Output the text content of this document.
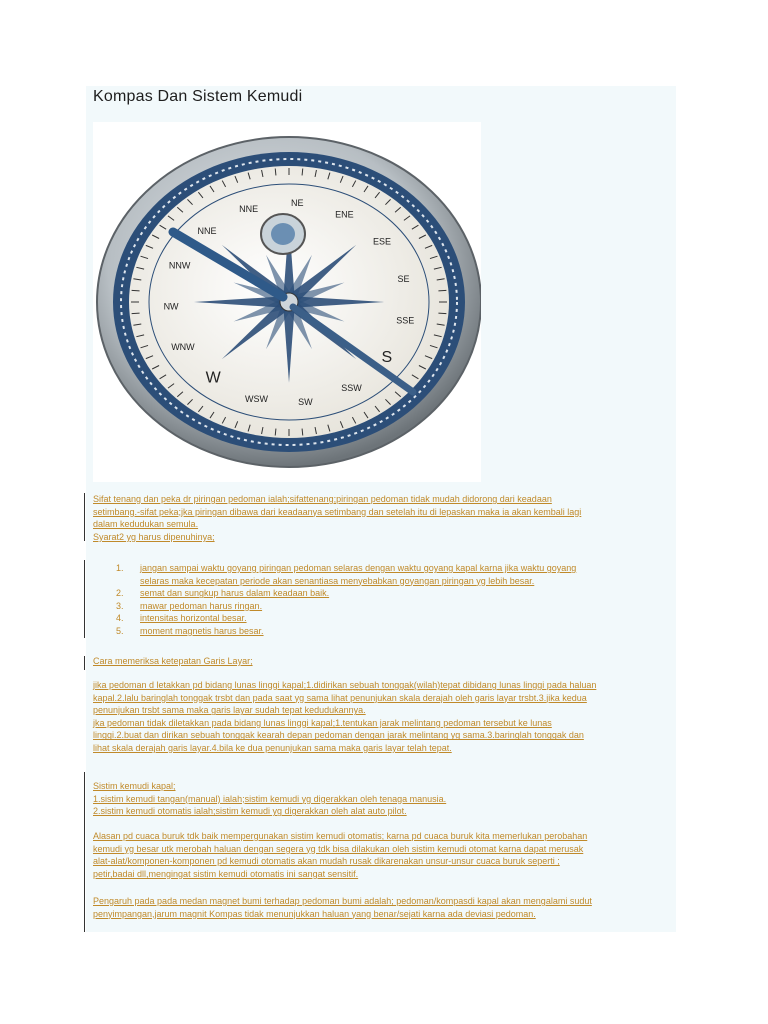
Kompas Dan Sistem Kemudi
NNE
NE
ENE
ESE
SE
SSE
S
SSW
SW
WSW
W
WNW
NW
NNW
NNE
Sifat tenang dan peka dr piringan pedoman ialah;sifattenang;piringan pedoman tidak mudah didorong dari keadaan
setimbang.-sifat peka;jka piringan dibawa dari keadaanya setimbang dan setelah itu di lepaskan maka ia akan kembali lagi
dalam kedudukan semula.
Syarat2 yg harus dipenuhinya;
1. jangan sampai waktu goyang piringan pedoman selaras dengan waktu goyang kapal karna jika waktu goyang
selaras maka kecepatan periode akan senantiasa menyebabkan goyangan piringan yg lebih besar.
2. semat dan sungkup harus dalam keadaan baik.
3. mawar pedoman harus ringan.
4. intensitas horizontal besar.
5. moment magnetis harus besar.
Cara memeriksa ketepatan Garis Layar;
jika pedoman d letakkan pd bidang lunas linggi kapal;1.didirikan sebuah tonggak(wilah)tepat dibidang lunas linggi pada haluan
kapal.2.lalu baringlah tonggak trsbt dan pada saat yg sama lihat penunjukan skala derajah oleh garis layar trsbt.3.jika kedua
penunjukan trsbt sama maka garis layar sudah tepat kedudukannya.
jka pedoman tidak diletakkan pada bidang lunas linggi kapal;1.tentukan jarak melintang pedoman tersebut ke lunas
linggi.2.buat dan dirikan sebuah tonggak kearah depan pedoman dengan jarak melintang yg sama.3.baringlah tonggak dan
lihat skala derajah garis layar.4.bila ke dua penunjukan sama maka garis layar telah tepat.
Sistim kemudi kapal;
1.sistim kemudi tangan(manual) ialah;sistim kemudi yg digerakkan oleh tenaga manusia.
2.sistim kemudi otomatis ialah;sistim kemudi yg digerakkan oleh alat auto pilot.
Alasan pd cuaca buruk tdk baik mempergunakan sistim kemudi otomatis; karna pd cuaca buruk kita memerlukan perobahan
kemudi yg besar utk merobah haluan dengan segera yg tdk bisa dilakukan oleh sistim kemudi otomat karna dapat merusak
alat-alat/komponen-komponen pd kemudi otomatis akan mudah rusak dikarenakan unsur-unsur cuaca buruk seperti ;
petir,badai dll,mengingat sistim kemudi otomatis ini sangat sensitif.
Pengaruh pada pada medan magnet bumi terhadap pedoman bumi adalah; pedoman/kompasdi kapal akan mengalami sudut
penyimpangan,jarum magnit Kompas tidak menunjukkan haluan yang benar/sejati karna ada deviasi pedoman.
